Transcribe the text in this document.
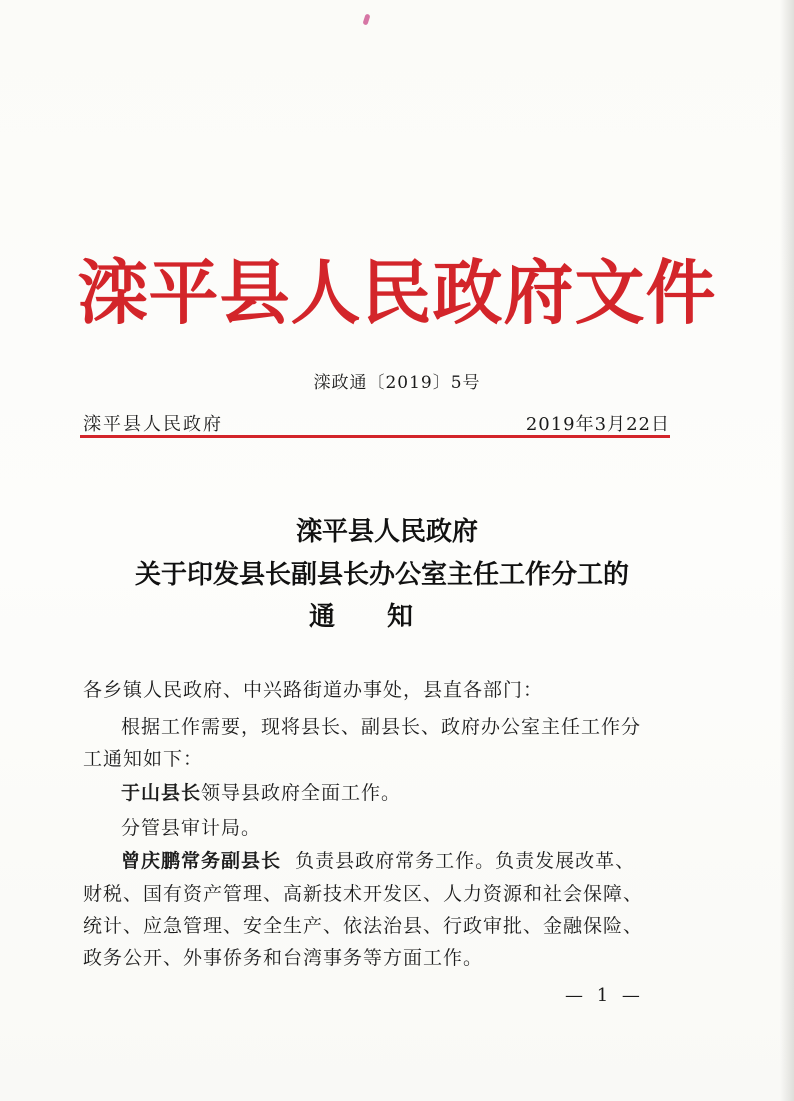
滦平县人民政府文件
滦政通〔2019〕5号
滦平县人民政府	2019年3月22日
滦平县人民政府
关于印发县长副县长办公室主任工作分工的
通知
各乡镇人民政府、中兴路街道办事处，县直各部门：
根据工作需要，现将县长、副县长、政府办公室主任工作分
工通知如下：
于山县长领导县政府全面工作。
分管县审计局。
曾庆鹏常务副县长 负责县政府常务工作。负责发展改革、
财税、国有资产管理、高新技术开发区、人力资源和社会保障、
统计、应急管理、安全生产、依法治县、行政审批、金融保险、
政务公开、外事侨务和台湾事务等方面工作。
— 1 —
